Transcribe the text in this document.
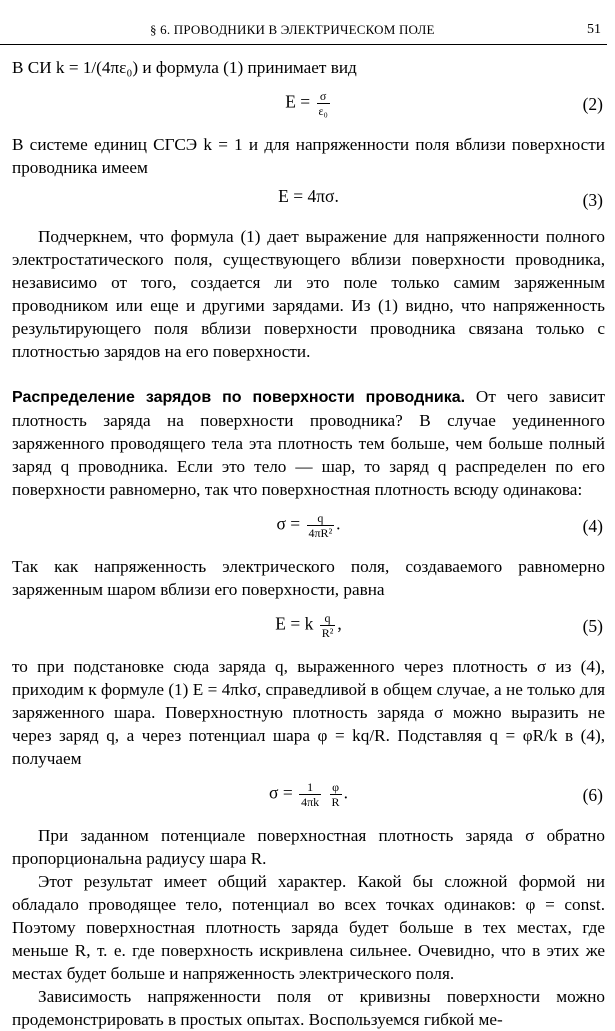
§ 6. ПРОВОДНИКИ В ЭЛЕКТРИЧЕСКОМ ПОЛЕ	51

В СИ k = 1/(4πε₀) и формула (1) принимает вид

$E = \frac{\sigma}{\text{ε₀}}$	(2)

В системе единиц СГСЭ k = 1 и для напряженности поля вблизи поверхности проводника имеем

E = 4πσ.	(3)

Подчеркнем, что формула (1) дает выражение для напряженности полного электростатического поля, существующего вблизи поверхности проводника, независимо от того, создается ли это поле только самим заряженным проводником или еще и другими зарядами. Из (1) видно, что напряженность результирующего поля вблизи поверхности проводника связана только с плотностью зарядов на его поверхности.

Распределение зарядов по поверхности проводника. От чего зависит плотность заряда на поверхности проводника? В случае уединенного заряженного проводящего тела эта плотность тем больше, чем больше полный заряд q проводника. Если это тело — шар, то заряд q распределен по его поверхности равномерно, так что поверхностная плотность всюду одинакова:

$\sigma = \frac{q}{\text{4πR²}}$ .	(4)

Так как напряженность электрического поля, создаваемого равномерно заряженным шаром вблизи его поверхности, равна

E = k $\frac{q}{\text{R²}}$ ,	(5)

то при подстановке сюда заряда q, выраженного через плотность σ из (4), приходим к формуле (1) E = 4πkσ, справедливой в общем случае, а не только для заряженного шара. Поверхностную плотность заряда σ можно выразить не через заряд q, а через потенциал шара φ = kq/R. Подставляя q = φR/k в (4), получаем

$\sigma = \frac{1}{4\pi k}$
$\frac{\varphi}{R}$ .	(6)

При заданном потенциале поверхностная плотность заряда σ обратно пропорциональна радиусу шара R.

Этот результат имеет общий характер. Какой бы сложной формой ни обладало проводящее тело, потенциал во всех точках одинаков: φ = const. Поэтому поверхностная плотность заряда будет больше в тех местах, где меньше R, т. е. где поверхность искривлена сильнее. Очевидно, что в этих же местах будет больше и напряженность электрического поля.

Зависимость напряженности поля от кривизны поверхности можно продемонстрировать в простых опытах. Воспользуемся гибкой ме-
